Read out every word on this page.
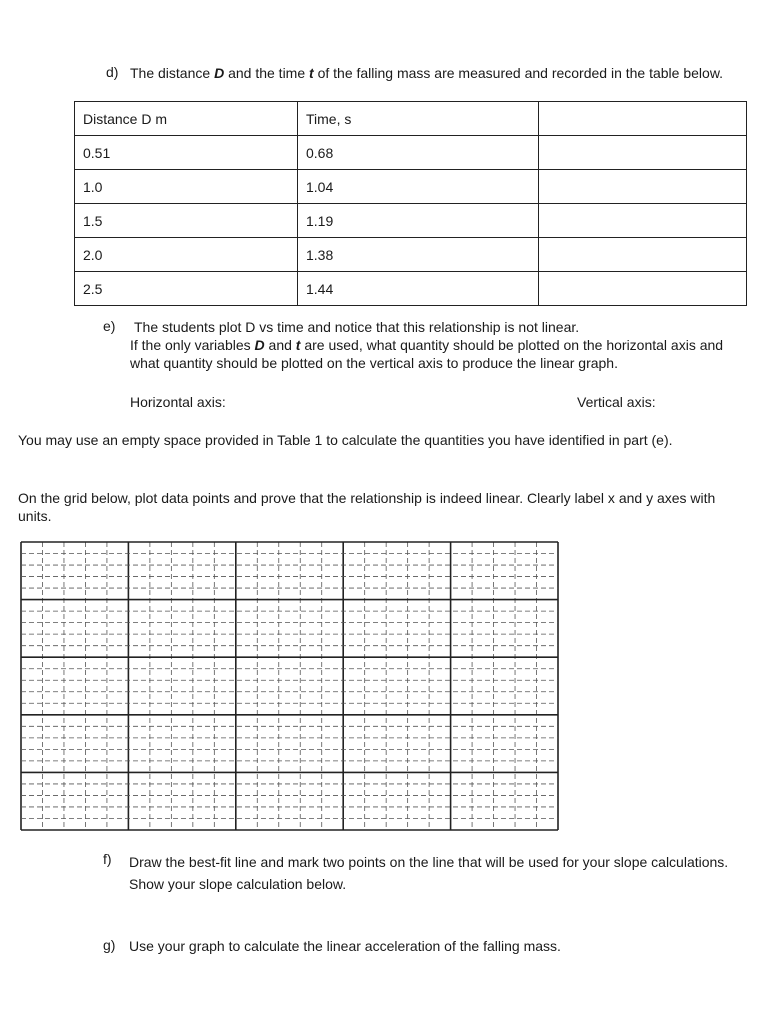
d) The distance D and the time t of the falling mass are measured and recorded in the table below.
Distance D m	Time, s	
0.51	0.68	
1.0	1.04	
1.5	1.19	
2.0	1.38	
2.5	1.44	
e) The students plot D vs time and notice that this relationship is not linear.
If the only variables D and t are used, what quantity should be plotted on the horizontal axis and what quantity should be plotted on the vertical axis to produce the linear graph.
Horizontal axis:	Vertical axis:
You may use an empty space provided in Table 1 to calculate the quantities you have identified in part (e).
On the grid below, plot data points and prove that the relationship is indeed linear. Clearly label x and y axes with units.
f) Draw the best-fit line and mark two points on the line that will be used for your slope calculations. Show your slope calculation below.
g) Use your graph to calculate the linear acceleration of the falling mass.
